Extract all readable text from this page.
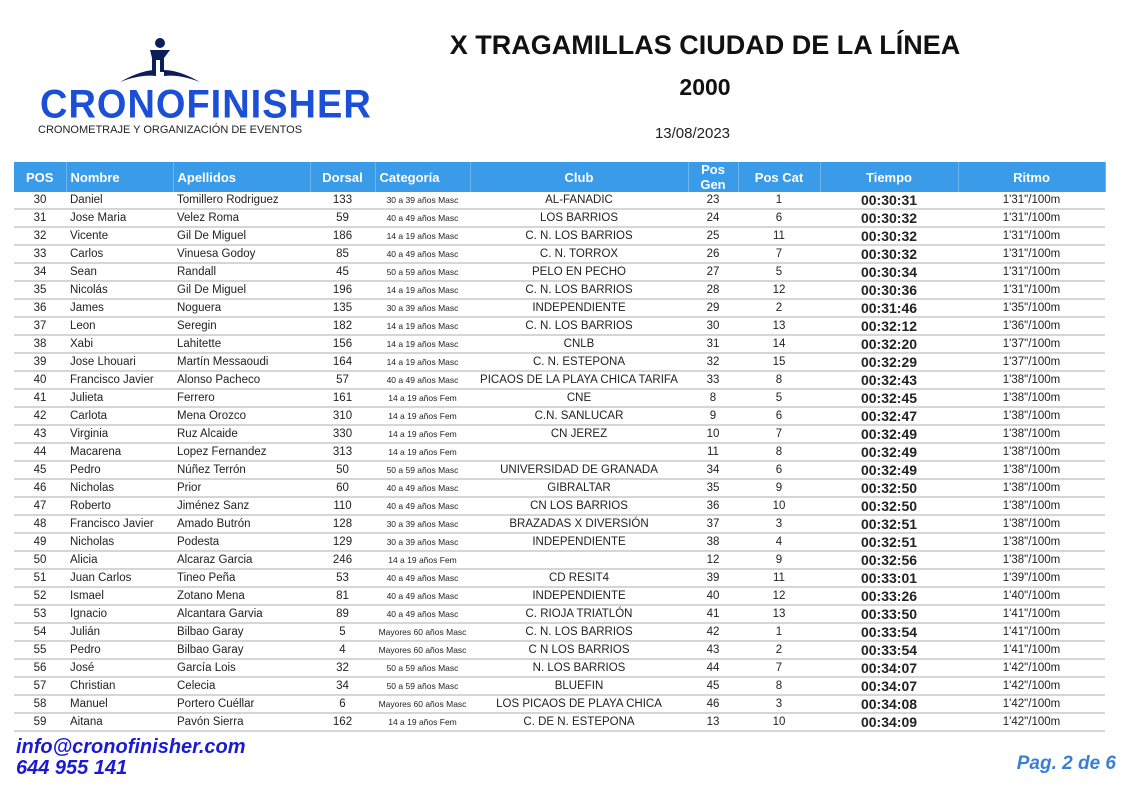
CRONOFINISHER
CRONOMETRAJE Y ORGANIZACIÓN DE EVENTOS
X TRAGAMILLAS CIUDAD DE LA LÍNEA
2000
13/08/2023
POS	Nombre	Apellidos	Dorsal	Categoría	Club	Pos Gen	Pos Cat	Tiempo	Ritmo
30	Daniel	Tomillero Rodriguez	133	30 a 39 años Masc	AL-FANADIC	23	1	00:30:31	1'31"/100m
31	Jose Maria	Velez Roma	59	40 a 49 años Masc	LOS BARRIOS	24	6	00:30:32	1'31"/100m
32	Vicente	Gil De Miguel	186	14 a 19 años Masc	C. N. LOS BARRIOS	25	11	00:30:32	1'31"/100m
33	Carlos	Vinuesa Godoy	85	40 a 49 años Masc	C. N. TORROX	26	7	00:30:32	1'31"/100m
34	Sean	Randall	45	50 a 59 años Masc	PELO EN PECHO	27	5	00:30:34	1'31"/100m
35	Nicolás	Gil De Miguel	196	14 a 19 años Masc	C. N. LOS BARRIOS	28	12	00:30:36	1'31"/100m
36	James	Noguera	135	30 a 39 años Masc	INDEPENDIENTE	29	2	00:31:46	1'35"/100m
37	Leon	Seregin	182	14 a 19 años Masc	C. N. LOS BARRIOS	30	13	00:32:12	1'36"/100m
38	Xabi	Lahitette	156	14 a 19 años Masc	CNLB	31	14	00:32:20	1'37"/100m
39	Jose Lhouari	Martín Messaoudi	164	14 a 19 años Masc	C. N. ESTEPONA	32	15	00:32:29	1'37"/100m
40	Francisco Javier	Alonso Pacheco	57	40 a 49 años Masc	PICAOS DE LA PLAYA CHICA TARIFA	33	8	00:32:43	1'38"/100m
41	Julieta	Ferrero	161	14 a 19 años Fem	CNE	8	5	00:32:45	1'38"/100m
42	Carlota	Mena Orozco	310	14 a 19 años Fem	C.N. SANLUCAR	9	6	00:32:47	1'38"/100m
43	Virginia	Ruz Alcaide	330	14 a 19 años Fem	CN JEREZ	10	7	00:32:49	1'38"/100m
44	Macarena	Lopez Fernandez	313	14 a 19 años Fem		11	8	00:32:49	1'38"/100m
45	Pedro	Núñez Terrón	50	50 a 59 años Masc	UNIVERSIDAD DE GRANADA	34	6	00:32:49	1'38"/100m
46	Nicholas	Prior	60	40 a 49 años Masc	GIBRALTAR	35	9	00:32:50	1'38"/100m
47	Roberto	Jiménez Sanz	110	40 a 49 años Masc	CN LOS BARRIOS	36	10	00:32:50	1'38"/100m
48	Francisco Javier	Amado Butrón	128	30 a 39 años Masc	BRAZADAS X DIVERSIÓN	37	3	00:32:51	1'38"/100m
49	Nicholas	Podesta	129	30 a 39 años Masc	INDEPENDIENTE	38	4	00:32:51	1'38"/100m
50	Alicia	Alcaraz Garcia	246	14 a 19 años Fem		12	9	00:32:56	1'38"/100m
51	Juan Carlos	Tineo Peña	53	40 a 49 años Masc	CD RESIT4	39	11	00:33:01	1'39"/100m
52	Ismael	Zotano Mena	81	40 a 49 años Masc	INDEPENDIENTE	40	12	00:33:26	1'40"/100m
53	Ignacio	Alcantara Garvia	89	40 a 49 años Masc	C. RIOJA TRIATLÓN	41	13	00:33:50	1'41"/100m
54	Julián	Bilbao Garay	5	Mayores 60 años Masc	C. N. LOS BARRIOS	42	1	00:33:54	1'41"/100m
55	Pedro	Bilbao Garay	4	Mayores 60 años Masc	C N LOS BARRIOS	43	2	00:33:54	1'41"/100m
56	José	García Lois	32	50 a 59 años Masc	N. LOS BARRIOS	44	7	00:34:07	1'42"/100m
57	Christian	Celecia	34	50 a 59 años Masc	BLUEFIN	45	8	00:34:07	1'42"/100m
58	Manuel	Portero Cuéllar	6	Mayores 60 años Masc	LOS PICAOS DE PLAYA CHICA	46	3	00:34:08	1'42"/100m
59	Aitana	Pavón Sierra	162	14 a 19 años Fem	C. DE N. ESTEPONA	13	10	00:34:09	1'42"/100m
info@cronofinisher.com
644 955 141	Pag. 2 de 6
